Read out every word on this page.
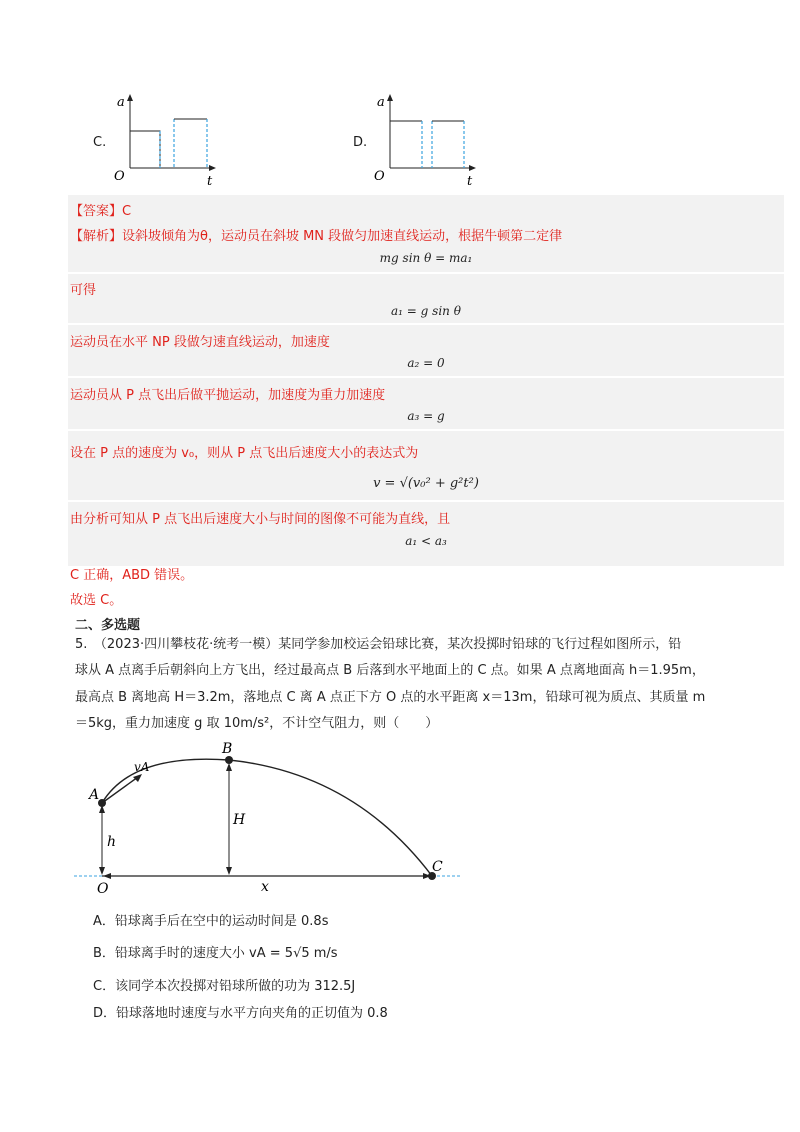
C.
a
O	t
D.
a
O	t
【答案】C
【解析】设斜坡倾角为θ，运动员在斜坡 MN 段做匀加速直线运动，根据牛顿第二定律
mg sin θ = ma₁
可得
a₁ = g sin θ
运动员在水平 NP 段做匀速直线运动，加速度
a₂ = 0
运动员从 P 点飞出后做平抛运动，加速度为重力加速度
a₃ = g
设在 P 点的速度为 v₀，则从 P 点飞出后速度大小的表达式为
v = √(v₀² + g²t²)
由分析可知从 P 点飞出后速度大小与时间的图像不可能为直线，且
a₁ < a₃
C 正确，ABD 错误。
故选 C。
二、多选题
5.　（2023·四川攀枝花·统考一模）某同学参加校运会铅球比赛，某次投掷时铅球的飞行过程如图所示，铅
球从 A 点离手后朝斜向上方飞出，经过最高点 B 后落到水平地面上的 C 点。如果 A 点离地面高 h＝1.95m，
最高点 B 离地高 H＝3.2m，落地点 C 离 A 点正下方 O 点的水平距离 x＝13m，铅球可视为质点、其质量 m
＝5kg，重力加速度 g 取 10m/s²，不计空气阻力，则（　　）
A
B
C
O
h
H
x
vA
A．铅球离手后在空中的运动时间是 0.8s
B．铅球离手时的速度大小 vA = 5√5 m/s
C．该同学本次投掷对铅球所做的功为 312.5J
D．铅球落地时速度与水平方向夹角的正切值为 0.8
